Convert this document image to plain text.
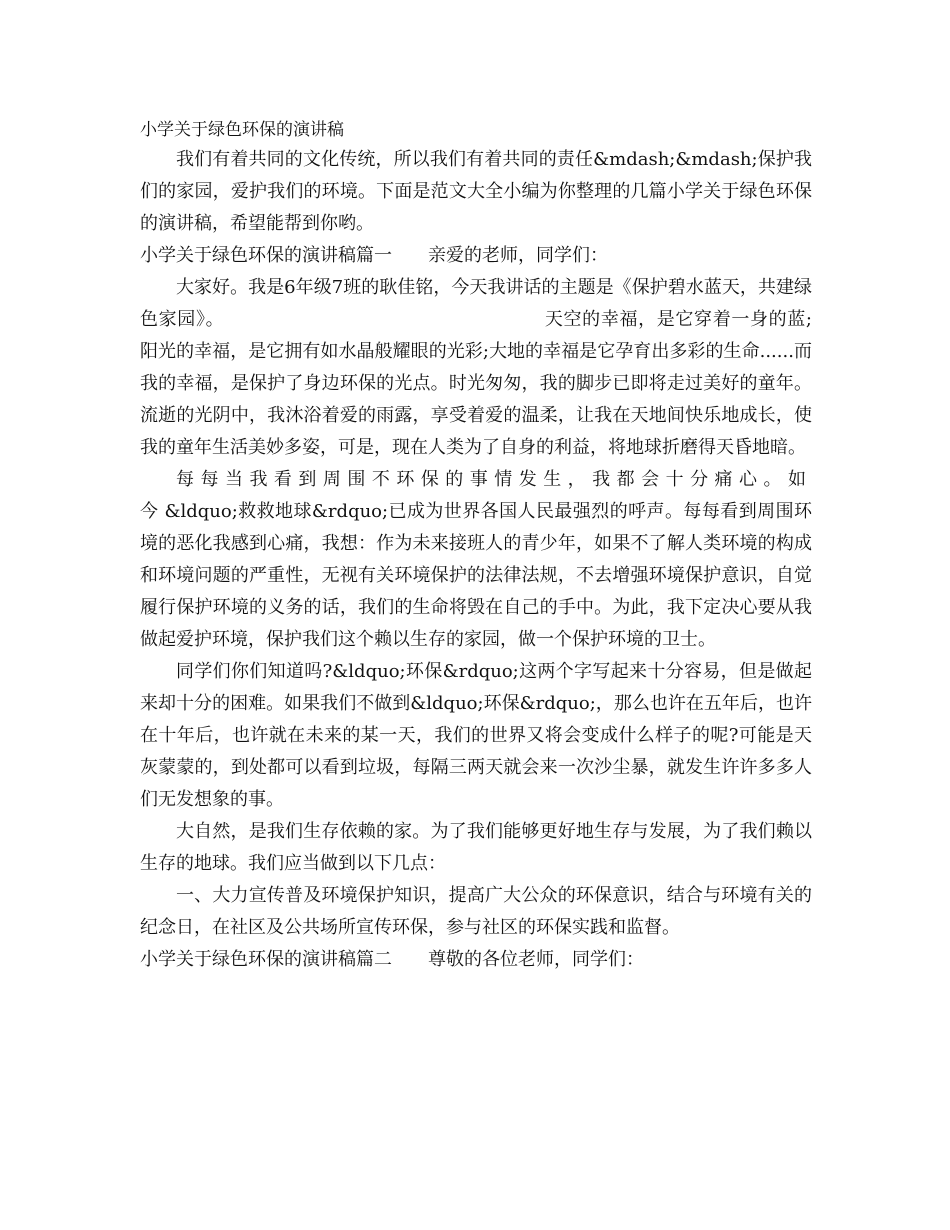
小学关于绿色环保的演讲稿

我们有着共同的文化传统，所以我们有着共同的责任&mdash;&mdash;保护我们的家园，爱护我们的环境。下面是范文大全小编为你整理的几篇小学关于绿色环保的演讲稿，希望能帮到你哟。

小学关于绿色环保的演讲稿篇一 亲爱的老师，同学们：

大家好。我是6年级7班的耿佳铭，今天我讲话的主题是《保护碧水蓝天，共建绿色家园》。	天空的幸福，是它穿着一身的蓝;阳光的幸福，是它拥有如水晶般耀眼的光彩;大地的幸福是它孕育出多彩的生命......而我的幸福，是保护了身边环保的光点。时光匆匆，我的脚步已即将走过美好的童年。流逝的光阴中，我沐浴着爱的雨露，享受着爱的温柔，让我在天地间快乐地成长，使我的童年生活美妙多姿，可是，现在人类为了自身的利益，将地球折磨得天昏地暗。

每每当我看到周围不环保的事情发生，我都会十分痛心。如今&ldquo;救救地球&rdquo;已成为世界各国人民最强烈的呼声。每每看到周围环境的恶化我感到心痛，我想：作为未来接班人的青少年，如果不了解人类环境的构成和环境问题的严重性，无视有关环境保护的法律法规，不去增强环境保护意识，自觉履行保护环境的义务的话，我们的生命将毁在自己的手中。为此，我下定决心要从我做起爱护环境，保护我们这个赖以生存的家园，做一个保护环境的卫士。

同学们你们知道吗?&ldquo;环保&rdquo;这两个字写起来十分容易，但是做起来却十分的困难。如果我们不做到&ldquo;环保&rdquo;，那么也许在五年后，也许在十年后，也许就在未来的某一天，我们的世界又将会变成什么样子的呢?可能是天灰蒙蒙的，到处都可以看到垃圾，每隔三两天就会来一次沙尘暴，就发生许许多多人们无发想象的事。

大自然，是我们生存依赖的家。为了我们能够更好地生存与发展，为了我们赖以生存的地球。我们应当做到以下几点：

一、大力宣传普及环境保护知识，提高广大公众的环保意识，结合与环境有关的纪念日，在社区及公共场所宣传环保，参与社区的环保实践和监督。

小学关于绿色环保的演讲稿篇二 尊敬的各位老师，同学们：
